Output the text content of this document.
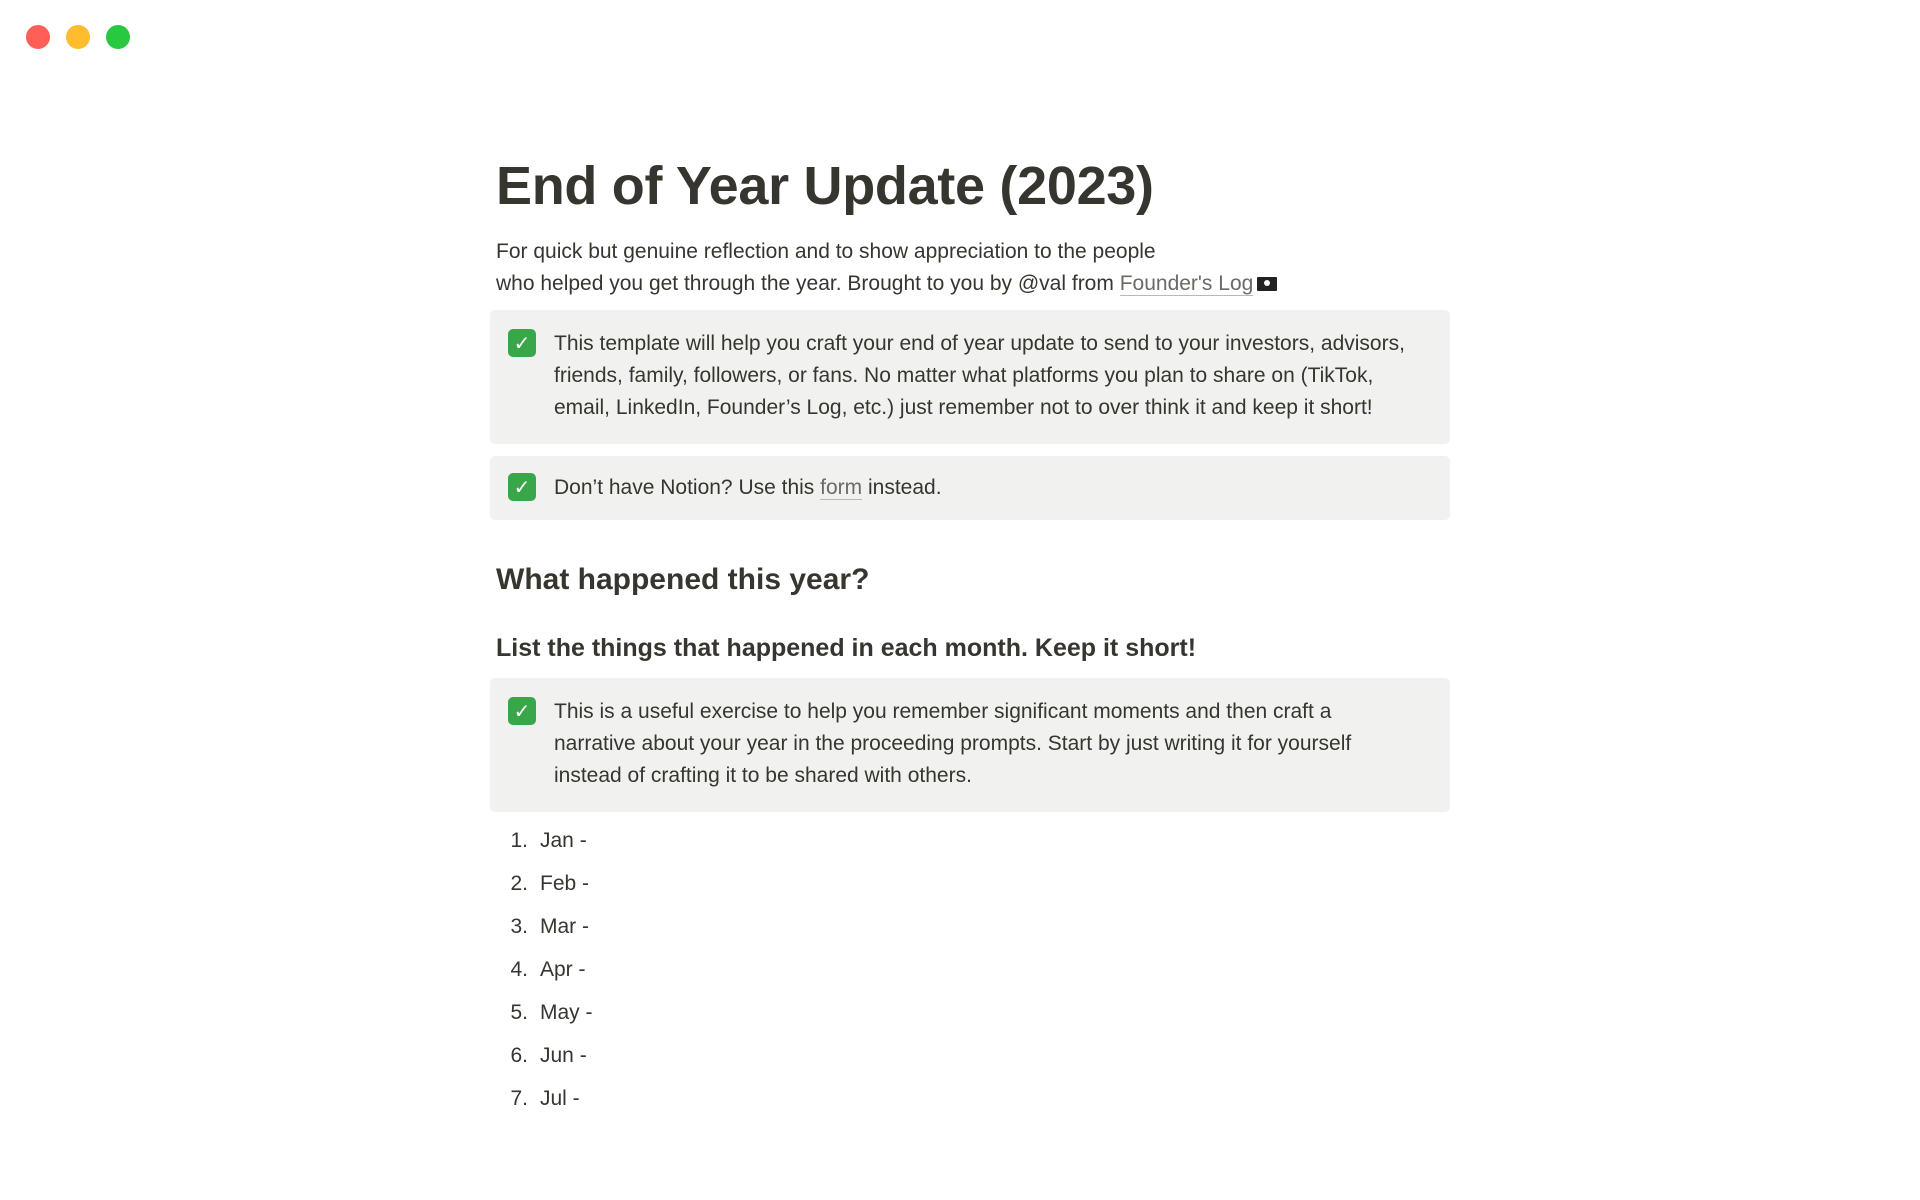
End of Year Update (2023)
For quick but genuine reflection and to show appreciation to the people
who helped you get through the year. Brought to you by @val from Founder's Log
✓ This template will help you craft your end of year update to send to your investors, advisors, friends, family, followers, or fans. No matter what platforms you plan to share on (TikTok, email, LinkedIn, Founder’s Log, etc.) just remember not to over think it and keep it short!
✓ Don’t have Notion? Use this form instead.
What happened this year?
List the things that happened in each month. Keep it short!
✓ This is a useful exercise to help you remember significant moments and then craft a narrative about your year in the proceeding prompts. Start by just writing it for yourself instead of crafting it to be shared with others.
1. Jan -
2. Feb -
3. Mar -
4. Apr -
5. May -
6. Jun -
7. Jul -
